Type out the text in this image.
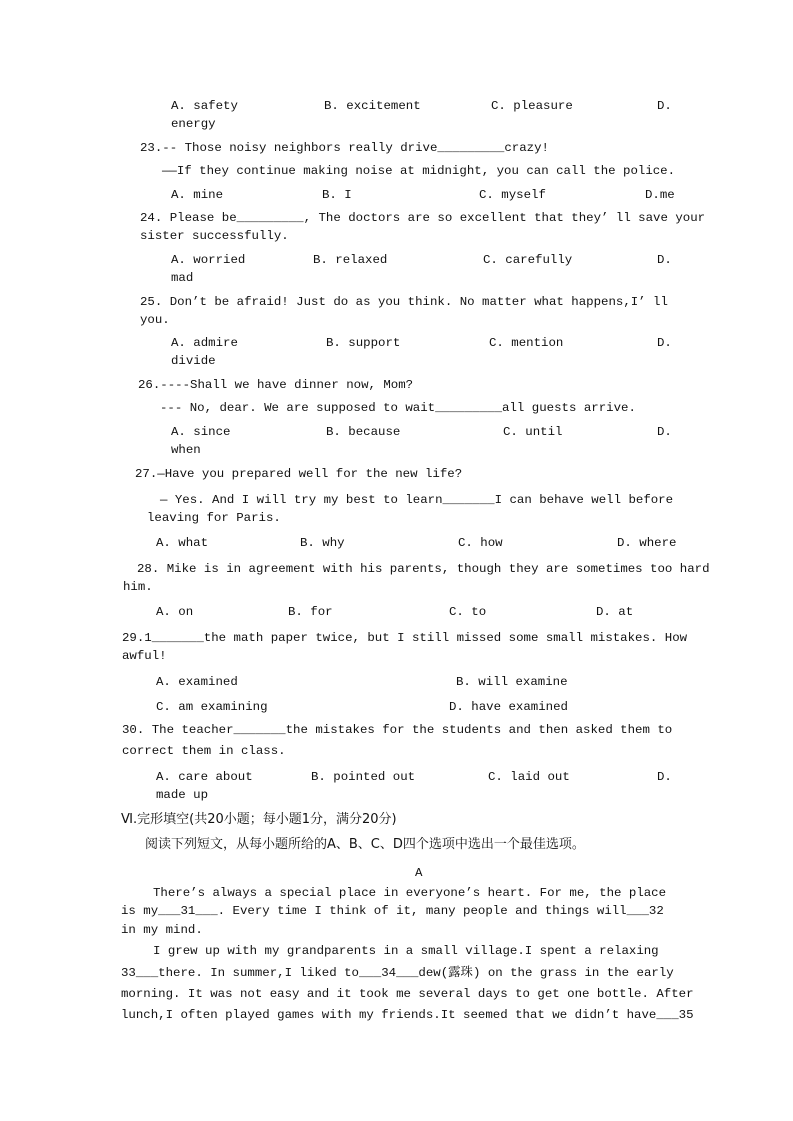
A. safety	B. excitement	C. pleasure	D.
energy
23.-- Those noisy neighbors really drive_________crazy!
——If they continue making noise at midnight, you can call the police.
A. mine	B. I	C. myself	D.me
24. Please be_________, The doctors are so excellent that they’ ll save your
sister successfully.
A. worried	B. relaxed	C. carefully	D.
mad
25. Don’t be afraid! Just do as you think. No matter what happens,I’ ll
you.
A. admire	B. support	C. mention	D.
divide
26.----Shall we have dinner now, Mom?
--- No, dear. We are supposed to wait_________all guests arrive.
A. since	B. because	C. until	D.
when
27.—Have you prepared well for the new life?
— Yes. And I will try my best to learn_______I can behave well before
leaving for Paris.
A. what	B. why	C. how	D. where
28. Mike is in agreement with his parents, though they are sometimes too hard
him.
A. on	B. for	C. to	D. at
29.1_______the math paper twice, but I still missed some small mistakes. How
awful!
A. examined	B. will examine
C. am examining	D. have examined
30. The teacher_______the mistakes for the students and then asked them to
correct them in class.
A. care about	B. pointed out	C. laid out	D.
made up
Ⅵ.完形填空(共20小题；每小题1分，满分20分)
阅读下列短文，从每小题所给的A、B、C、D四个选项中选出一个最佳选项。
A
There’s always a special place in everyone’s heart. For me, the place
is my___31___. Every time I think of it, many people and things will___32
in my mind.
I grew up with my grandparents in a small village.I spent a relaxing
33___there. In summer,I liked to___34___dew(露珠) on the grass in the early
morning. It was not easy and it took me several days to get one bottle. After
lunch,I often played games with my friends.It seemed that we didn’t have___35
